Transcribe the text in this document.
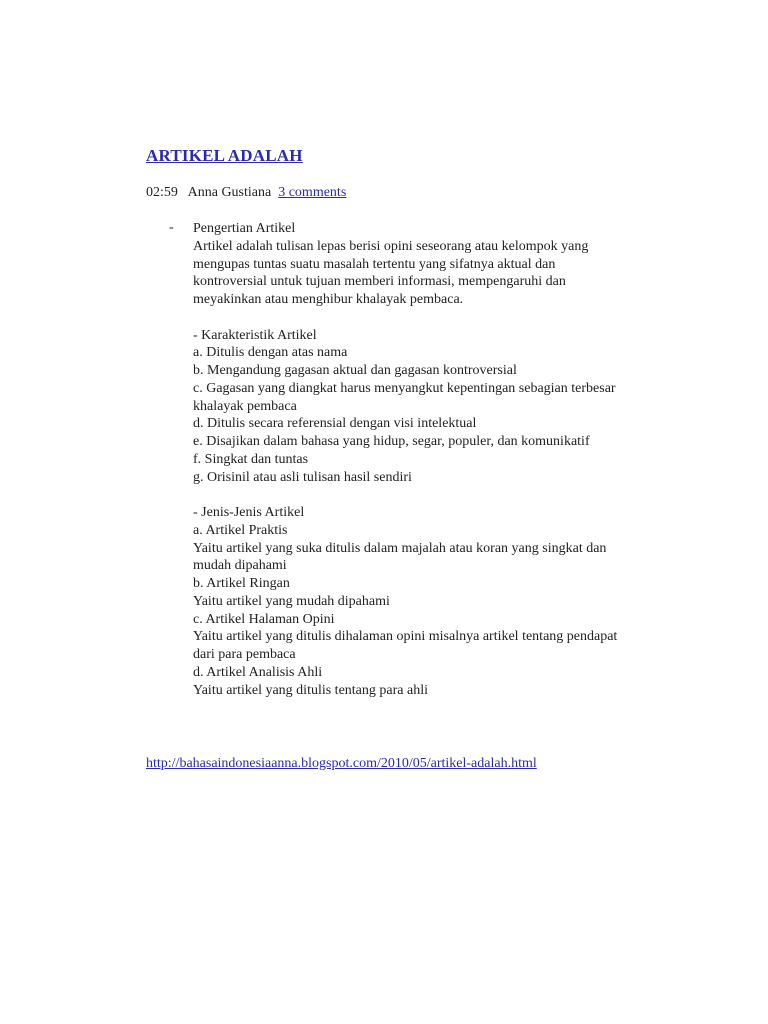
ARTIKEL ADALAH
02:59 Anna Gustiana 3 comments
- Pengertian Artikel
Artikel adalah tulisan lepas berisi opini seseorang atau kelompok yang
mengupas tuntas suatu masalah tertentu yang sifatnya aktual dan
kontroversial untuk tujuan memberi informasi, mempengaruhi dan
meyakinkan atau menghibur khalayak pembaca.
- Karakteristik Artikel
a. Ditulis dengan atas nama
b. Mengandung gagasan aktual dan gagasan kontroversial
c. Gagasan yang diangkat harus menyangkut kepentingan sebagian terbesar
khalayak pembaca
d. Ditulis secara referensial dengan visi intelektual
e. Disajikan dalam bahasa yang hidup, segar, populer, dan komunikatif
f. Singkat dan tuntas
g. Orisinil atau asli tulisan hasil sendiri
- Jenis-Jenis Artikel
a. Artikel Praktis
Yaitu artikel yang suka ditulis dalam majalah atau koran yang singkat dan
mudah dipahami
b. Artikel Ringan
Yaitu artikel yang mudah dipahami
c. Artikel Halaman Opini
Yaitu artikel yang ditulis dihalaman opini misalnya artikel tentang pendapat
dari para pembaca
d. Artikel Analisis Ahli
Yaitu artikel yang ditulis tentang para ahli
http://bahasaindonesiaanna.blogspot.com/2010/05/artikel-adalah.html
